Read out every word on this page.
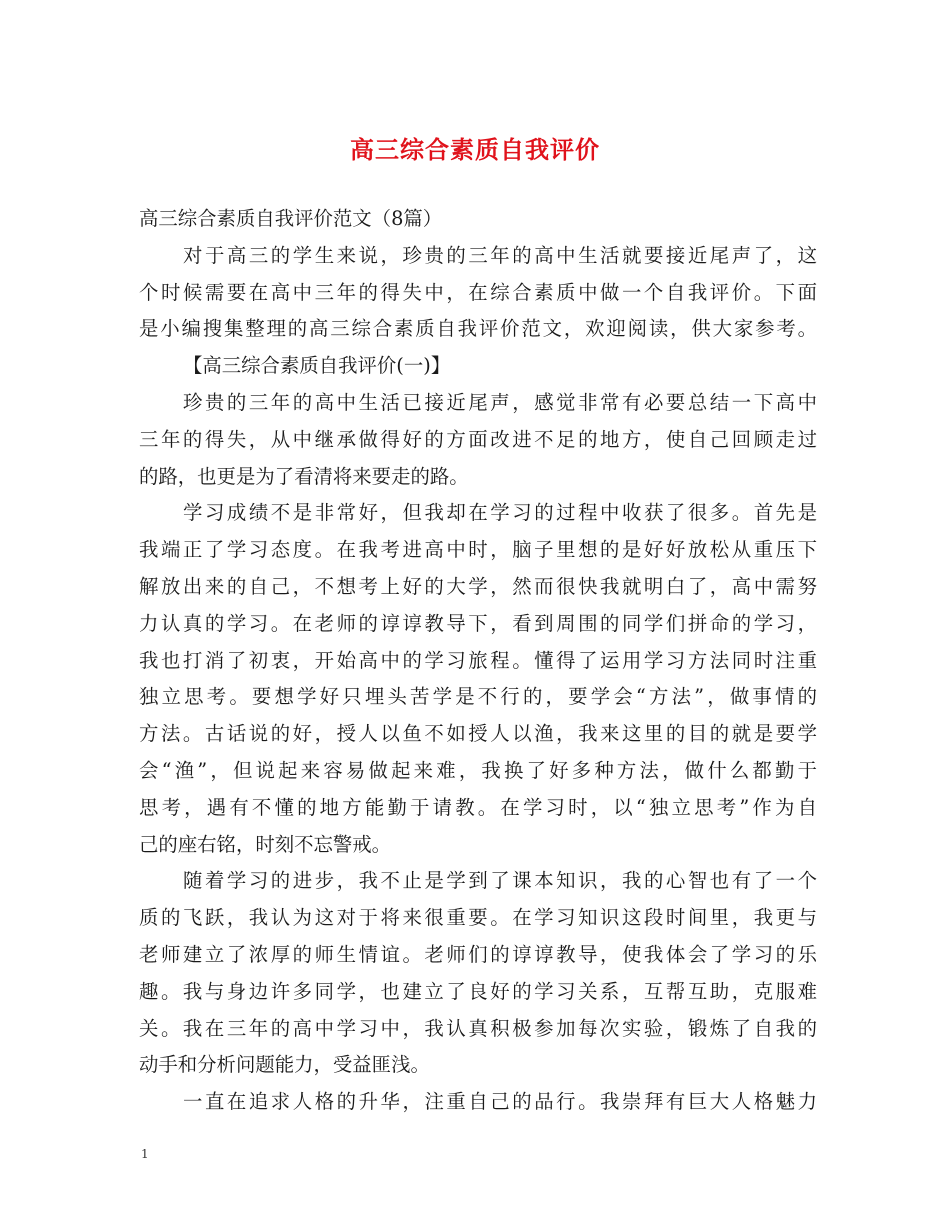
高三综合素质自我评价
高三综合素质自我评价范文（8篇）
对于高三的学生来说，珍贵的三年的高中生活就要接近尾声了，这
个时候需要在高中三年的得失中，在综合素质中做一个自我评价。下面
是小编搜集整理的高三综合素质自我评价范文，欢迎阅读，供大家参考。
【高三综合素质自我评价(一)】
珍贵的三年的高中生活已接近尾声，感觉非常有必要总结一下高中
三年的得失，从中继承做得好的方面改进不足的地方，使自己回顾走过
的路，也更是为了看清将来要走的路。
学习成绩不是非常好，但我却在学习的过程中收获了很多。首先是
我端正了学习态度。在我考进高中时，脑子里想的是好好放松从重压下
解放出来的自己，不想考上好的大学，然而很快我就明白了，高中需努
力认真的学习。在老师的谆谆教导下，看到周围的同学们拼命的学习，
我也打消了初衷，开始高中的学习旅程。懂得了运用学习方法同时注重
独立思考。要想学好只埋头苦学是不行的，要学会“方法”，做事情的
方法。古话说的好，授人以鱼不如授人以渔，我来这里的目的就是要学
会“渔”，但说起来容易做起来难，我换了好多种方法，做什么都勤于
思考，遇有不懂的地方能勤于请教。在学习时，以“独立思考”作为自
己的座右铭，时刻不忘警戒。
随着学习的进步，我不止是学到了课本知识，我的心智也有了一个
质的飞跃，我认为这对于将来很重要。在学习知识这段时间里，我更与
老师建立了浓厚的师生情谊。老师们的谆谆教导，使我体会了学习的乐
趣。我与身边许多同学，也建立了良好的学习关系，互帮互助，克服难
关。我在三年的高中学习中，我认真积极参加每次实验，锻炼了自我的
动手和分析问题能力，受益匪浅。
一直在追求人格的升华，注重自己的品行。我崇拜有巨大人格魅力
1
